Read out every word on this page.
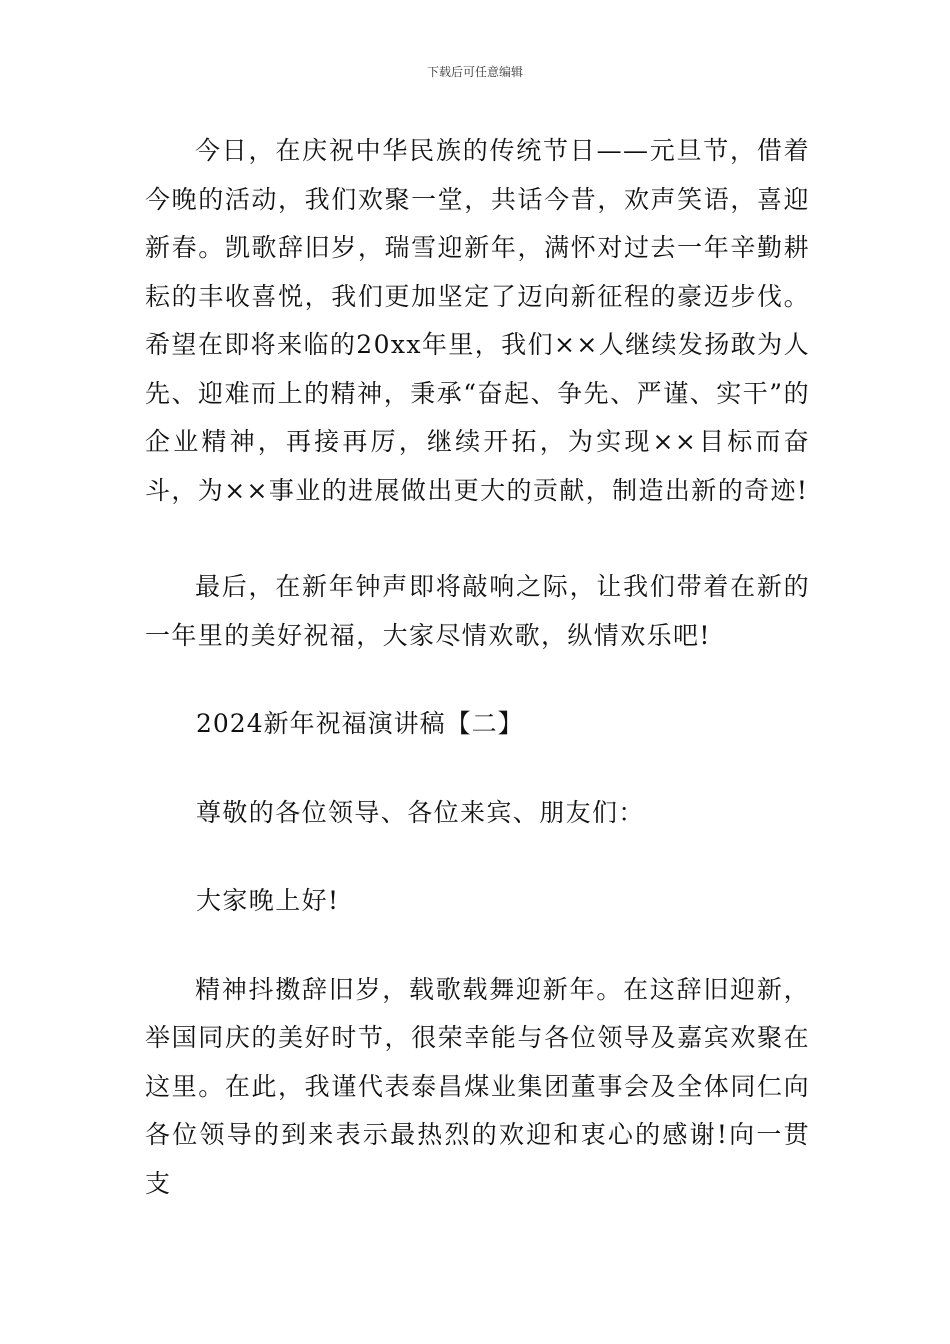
下载后可任意编辑

今日，在庆祝中华民族的传统节日——元旦节，借着今晚的活动，我们欢聚一堂，共话今昔，欢声笑语，喜迎新春。凯歌辞旧岁，瑞雪迎新年，满怀对过去一年辛勤耕耘的丰收喜悦，我们更加坚定了迈向新征程的豪迈步伐。希望在即将来临的20xx年里，我们××人继续发扬敢为人先、迎难而上的精神，秉承“奋起、争先、严谨、实干”的企业精神，再接再厉，继续开拓，为实现××目标而奋斗，为××事业的进展做出更大的贡献，制造出新的奇迹!

最后，在新年钟声即将敲响之际，让我们带着在新的一年里的美好祝福，大家尽情欢歌，纵情欢乐吧!

2024新年祝福演讲稿【二】

尊敬的各位领导、各位来宾、朋友们：

大家晚上好!

精神抖擞辞旧岁，载歌载舞迎新年。在这辞旧迎新，举国同庆的美好时节，很荣幸能与各位领导及嘉宾欢聚在这里。在此，我谨代表泰昌煤业集团董事会及全体同仁向各位领导的到来表示最热烈的欢迎和衷心的感谢!向一贯支
